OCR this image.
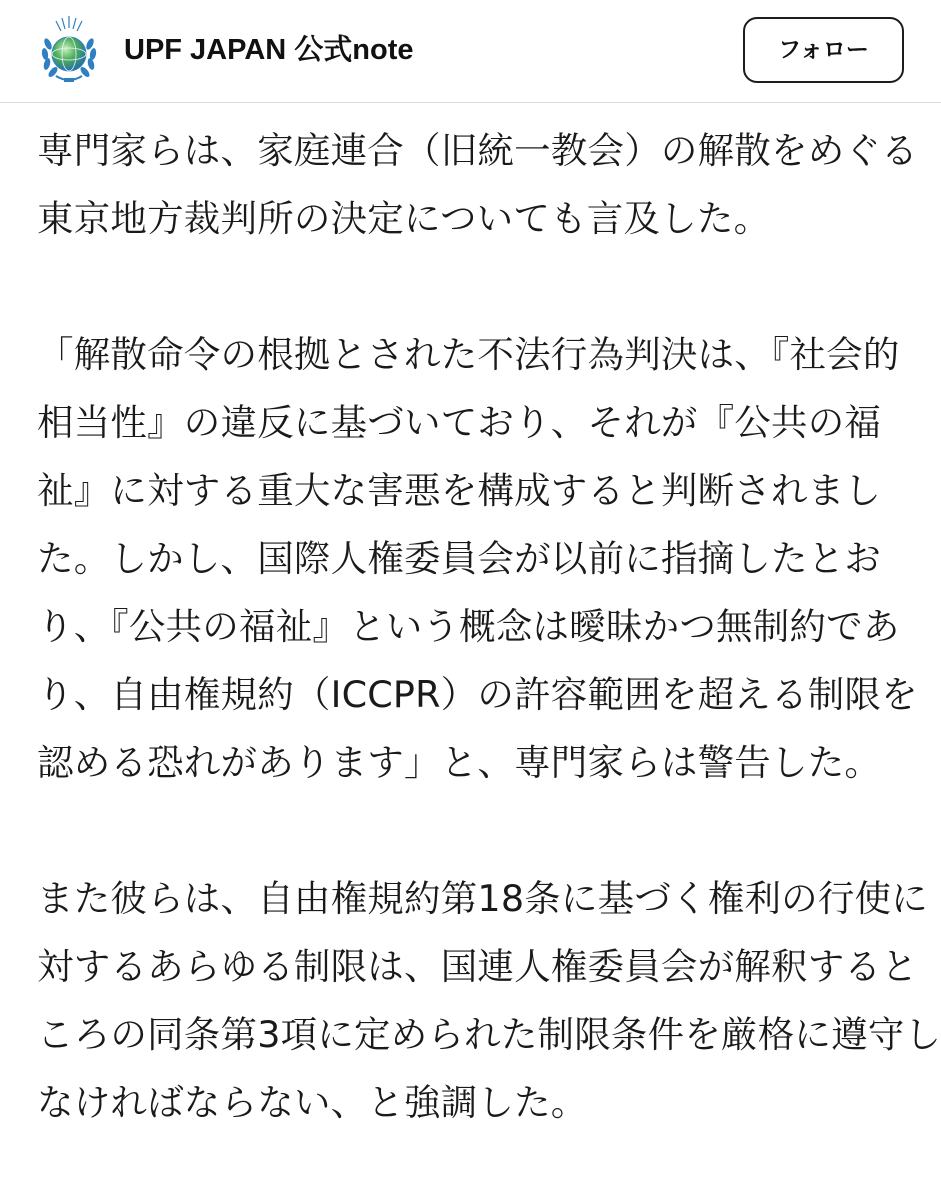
UPF JAPAN 公式note	フォロー

専門家らは、家庭連合（旧統一教会）の解散をめぐる
東京地方裁判所の決定についても言及した。

「解散命令の根拠とされた不法行為判決は、『社会的
相当性』の違反に基づいており、それが『公共の福
祉』に対する重大な害悪を構成すると判断されまし
た。しかし、国際人権委員会が以前に指摘したとお
り、『公共の福祉』という概念は曖昧かつ無制約であ
り、自由権規約（ICCPR）の許容範囲を超える制限を
認める恐れがあります」と、専門家らは警告した。

また彼らは、自由権規約第18条に基づく権利の行使に
対するあらゆる制限は、国連人権委員会が解釈すると
ころの同条第3項に定められた制限条件を厳格に遵守し
なければならない、と強調した。
